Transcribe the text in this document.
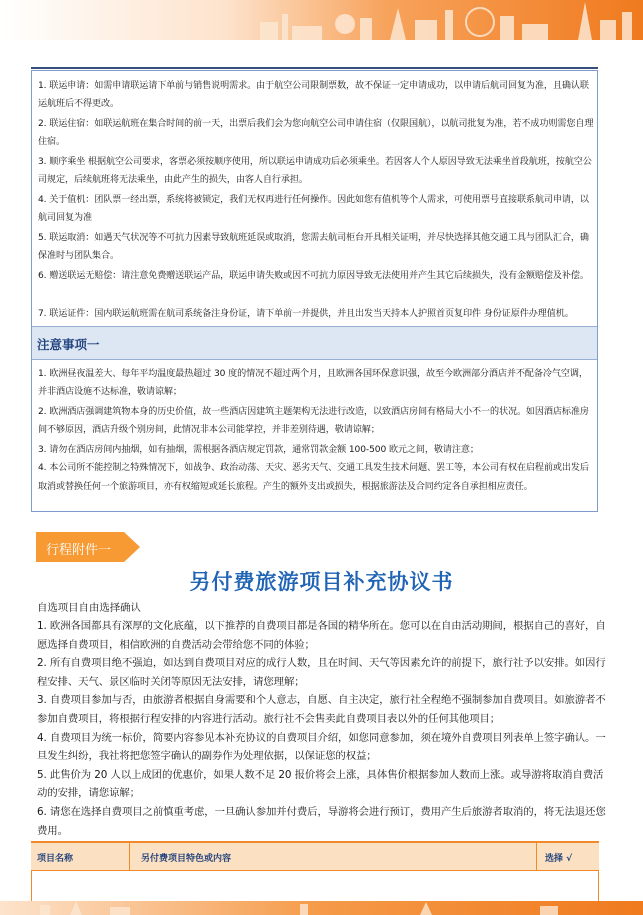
1. 联运申请：如需申请联运请下单前与销售说明需求。由于航空公司限制票数，故不保证一定申请成功，以申请后航司回复为准，且确认联运航班后不得更改。

2. 联运住宿：如联运航班在集合时间的前一天，出票后我们会为您向航空公司申请住宿（仅限国航），以航司批复为准，若不成功则需您自理住宿。

3. 顺序乘坐 根据航空公司要求，客票必须按顺序使用，所以联运申请成功后必须乘坐。若因客人个人原因导致无法乘坐首段航班，按航空公司规定，后续航班将无法乘坐，由此产生的损失，由客人自行承担。

4. 关于值机：团队票一经出票，系统将被锁定，我们无权再进行任何操作。因此如您有值机等个人需求，可使用票号直接联系航司申请，以航司回复为准

5. 联运取消：如遇天气状况等不可抗力因素导致航班延误或取消，您需去航司柜台开具相关证明，并尽快选择其他交通工具与团队汇合，确保准时与团队集合。

6. 赠送联运无赔偿：请注意免费赠送联运产品，联运申请失败或因不可抗力原因导致无法使用并产生其它后续损失，没有金额赔偿及补偿。

7. 联运证件：国内联运航班需在航司系统备注身份证，请下单前一并提供，并且出发当天持本人护照首页复印件 身份证原件办理值机。

注意事项一

1. 欧洲昼夜温差大、每年平均温度最热超过 30 度的情况不超过两个月，且欧洲各国环保意识强，故至今欧洲部分酒店并不配备冷气空调，并非酒店设施不达标准，敬请谅解；

2. 欧洲酒店强调建筑物本身的历史价值，故一些酒店因建筑主题架构无法进行改造，以致酒店房间有格局大小不一的状况。如因酒店标准房间不够原因，酒店升级个别房间，此情况非本公司能掌控，并非差别待遇，敬请谅解；

3. 请勿在酒店房间内抽烟，如有抽烟，需根据各酒店规定罚款，通常罚款金额 100-500 欧元之间，敬请注意；

4. 本公司所不能控制之特殊情况下，如战争、政治动荡、天灾、恶劣天气、交通工具发生技术问题、罢工等，本公司有权在启程前或出发后取消或替换任何一个旅游项目，亦有权缩短或延长旅程。产生的额外支出或损失，根据旅游法及合同约定各自承担相应责任。

行程附件一
另付费旅游项目补充协议书
自选项目自由选择确认

1. 欧洲各国都具有深厚的文化底蕴，以下推荐的自费项目都是各国的精华所在。您可以在自由活动期间，根据自己的喜好，自愿选择自费项目，相信欧洲的自费活动会带给您不同的体验；

2. 所有自费项目绝不强迫，如达到自费项目对应的成行人数，且在时间、天气等因素允许的前提下，旅行社予以安排。如因行程安排、天气、景区临时关闭等原因无法安排，请您理解；

3. 自费项目参加与否，由旅游者根据自身需要和个人意志，自愿、自主决定，旅行社全程绝不强制参加自费项目。如旅游者不参加自费项目，将根据行程安排的内容进行活动。旅行社不会售卖此自费项目表以外的任何其他项目；

4. 自费项目为统一标价，简要内容参见本补充协议的自费项目介绍，如您同意参加，须在境外自费项目列表单上签字确认。一旦发生纠纷，我社将把您签字确认的副券作为处理依据，以保证您的权益；

5. 此售价为 20 人以上成团的优惠价，如果人数不足 20 报价将会上涨，具体售价根据参加人数而上涨。或导游将取消自费活动的安排，请您谅解；

6. 请您在选择自费项目之前慎重考虑，一旦确认参加并付费后，导游将会进行预订，费用产生后旅游者取消的，将无法退还您费用。

项目名称	另付费项目特色或内容	选择 √
